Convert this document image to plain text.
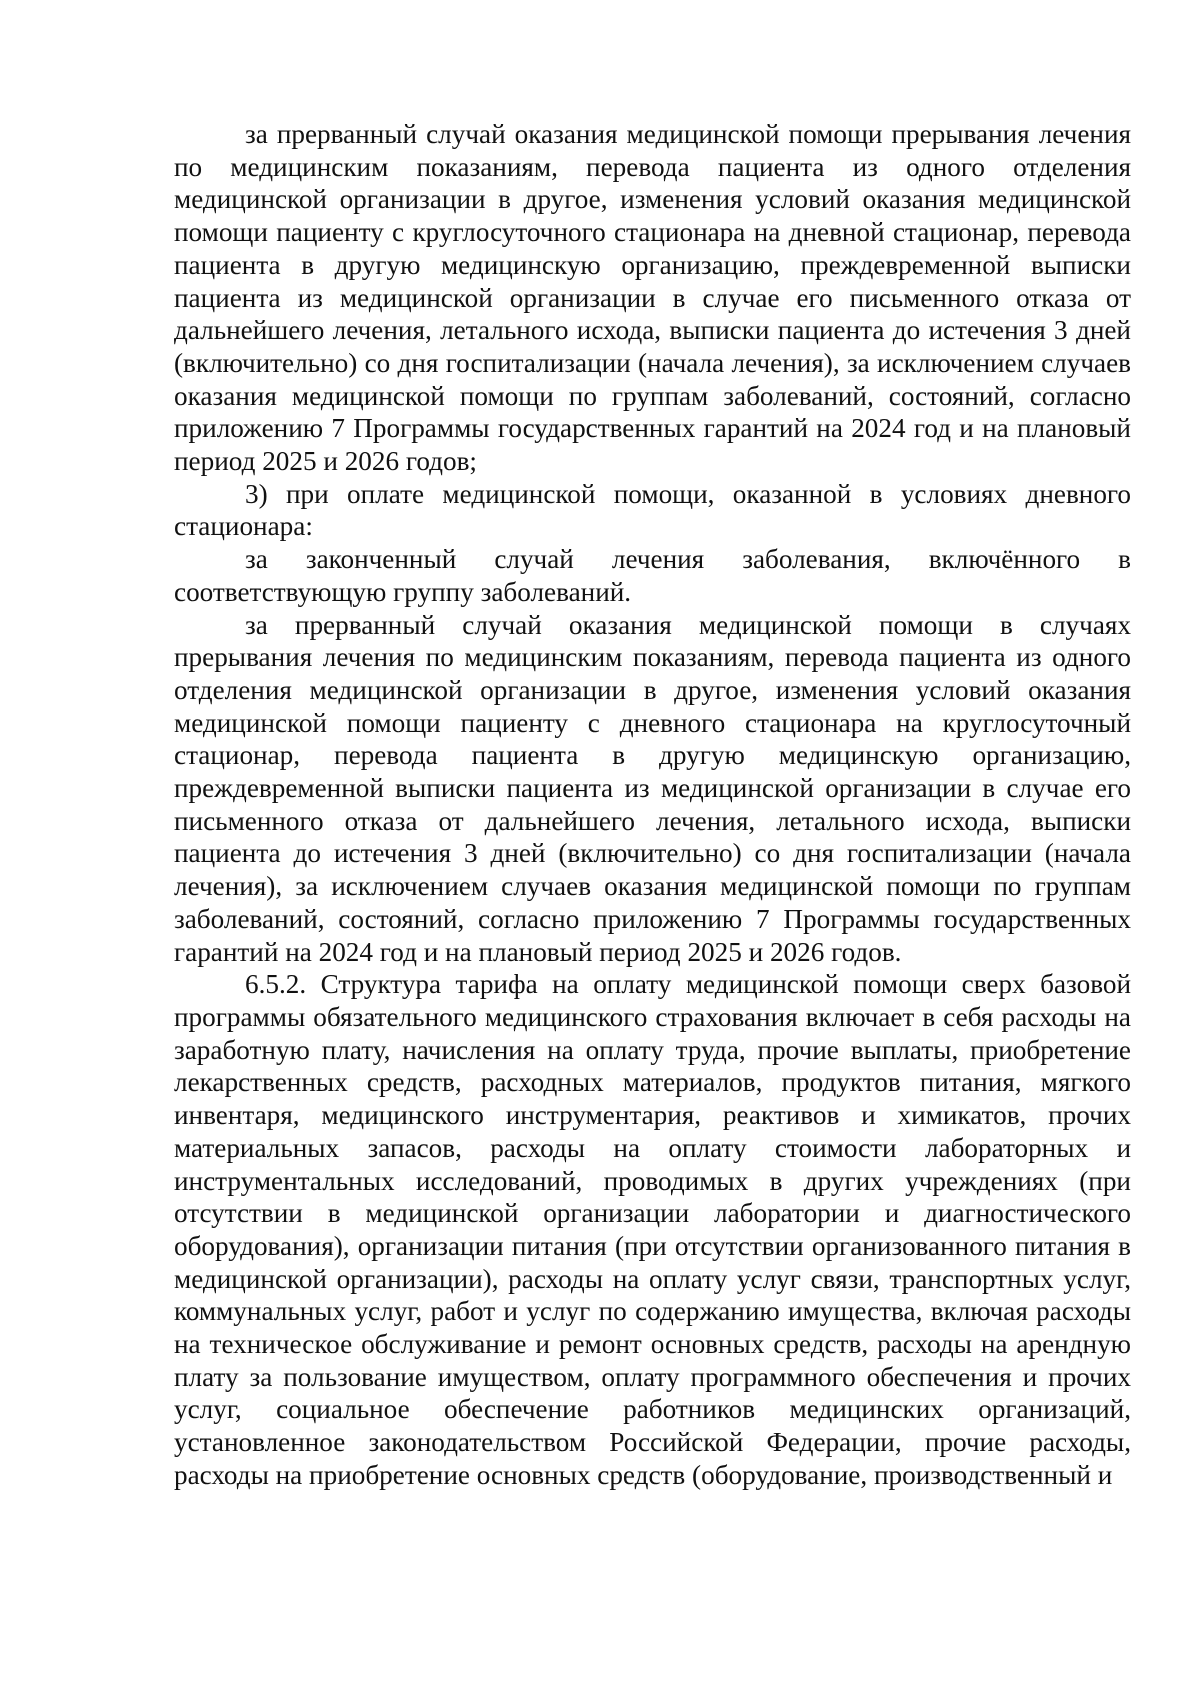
за прерванный случай оказания медицинской помощи прерывания лечения по медицинским показаниям, перевода пациента из одного отделения медицинской организации в другое, изменения условий оказания медицинской помощи пациенту с круглосуточного стационара на дневной стационар, перевода пациента в другую медицинскую организацию, преждевременной выписки пациента из медицинской организации в случае его письменного отказа от дальнейшего лечения, летального исхода, выписки пациента до истечения 3 дней (включительно) со дня госпитализации (начала лечения), за исключением случаев оказания медицинской помощи по группам заболеваний, состояний, согласно приложению 7 Программы государственных гарантий на 2024 год и на плановый период 2025 и 2026 годов;

3) при оплате медицинской помощи, оказанной в условиях дневного стационара:

за законченный случай лечения заболевания, включённого в соответствующую группу заболеваний.

за прерванный случай оказания медицинской помощи в случаях прерывания лечения по медицинским показаниям, перевода пациента из одного отделения медицинской организации в другое, изменения условий оказания медицинской помощи пациенту с дневного стационара на круглосуточный стационар, перевода пациента в другую медицинскую организацию, преждевременной выписки пациента из медицинской организации в случае его письменного отказа от дальнейшего лечения, летального исхода, выписки пациента до истечения 3 дней (включительно) со дня госпитализации (начала лечения), за исключением случаев оказания медицинской помощи по группам заболеваний, состояний, согласно приложению 7 Программы государственных гарантий на 2024 год и на плановый период 2025 и 2026 годов.

6.5.2. Структура тарифа на оплату медицинской помощи сверх базовой программы обязательного медицинского страхования включает в себя расходы на заработную плату, начисления на оплату труда, прочие выплаты, приобретение лекарственных средств, расходных материалов, продуктов питания, мягкого инвентаря, медицинского инструментария, реактивов и химикатов, прочих материальных запасов, расходы на оплату стоимости лабораторных и инструментальных исследований, проводимых в других учреждениях (при отсутствии в медицинской организации лаборатории и диагностического оборудования), организации питания (при отсутствии организованного питания в медицинской организации), расходы на оплату услуг связи, транспортных услуг, коммунальных услуг, работ и услуг по содержанию имущества, включая расходы на техническое обслуживание и ремонт основных средств, расходы на арендную плату за пользование имуществом, оплату программного обеспечения и прочих услуг, социальное обеспечение работников медицинских организаций, установленное законодательством Российской Федерации, прочие расходы, расходы на приобретение основных средств (оборудование, производственный и
